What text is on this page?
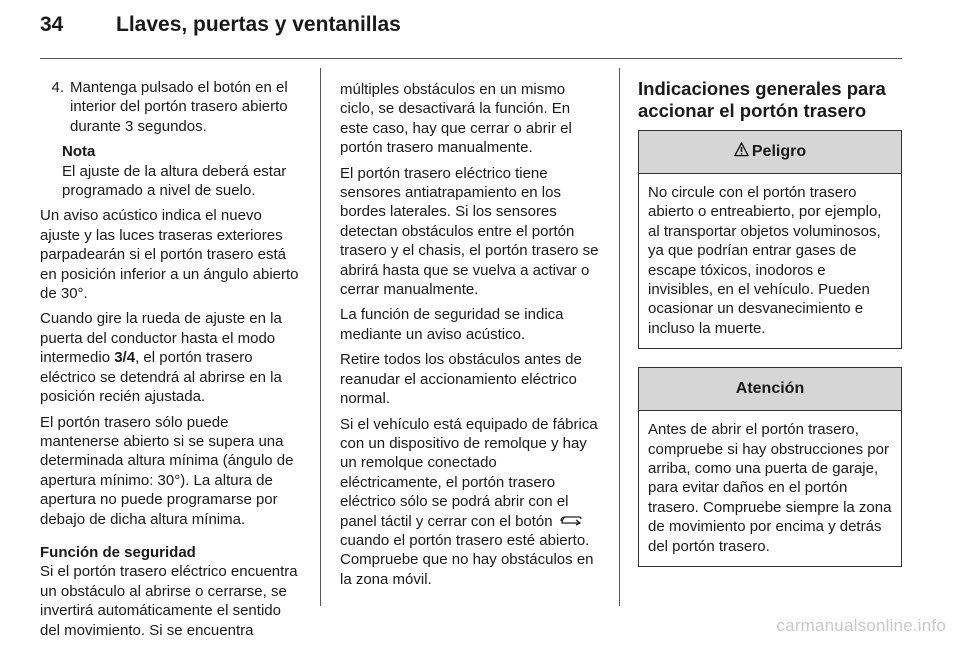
34	Llaves, puertas y ventanillas
4. Mantenga pulsado el botón en el interior del portón trasero abierto durante 3 segundos.
Nota
El ajuste de la altura deberá estar programado a nivel de suelo.

Un aviso acústico indica el nuevo ajuste y las luces traseras exteriores parpadearán si el portón trasero está en posición inferior a un ángulo abierto de 30°.

Cuando gire la rueda de ajuste en la puerta del conductor hasta el modo intermedio 3/4, el portón trasero eléctrico se detendrá al abrirse en la posición recién ajustada.

El portón trasero sólo puede mantenerse abierto si se supera una determinada altura mínima (ángulo de apertura mínimo: 30°). La altura de apertura no puede programarse por debajo de dicha altura mínima.

Función de seguridad

Si el portón trasero eléctrico encuentra un obstáculo al abrirse o cerrarse, se invertirá automáticamente el sentido del movimiento. Si se encuentra

múltiples obstáculos en un mismo ciclo, se desactivará la función. En este caso, hay que cerrar o abrir el portón trasero manualmente.

El portón trasero eléctrico tiene sensores antiatrapamiento en los bordes laterales. Si los sensores detectan obstáculos entre el portón trasero y el chasis, el portón trasero se abrirá hasta que se vuelva a activar o cerrar manualmente.

La función de seguridad se indica mediante un aviso acústico.

Retire todos los obstáculos antes de reanudar el accionamiento eléctrico normal.

Si el vehículo está equipado de fábrica con un dispositivo de remolque y hay un remolque conectado eléctricamente, el portón trasero eléctrico sólo se podrá abrir con el panel táctil y cerrar con el botón  cuando el portón trasero esté abierto. Compruebe que no hay obstáculos en la zona móvil.

Indicaciones generales para accionar el portón trasero
Peligro
No circule con el portón trasero abierto o entreabierto, por ejemplo, al transportar objetos voluminosos, ya que podrían entrar gases de escape tóxicos, inodoros e invisibles, en el vehículo. Pueden ocasionar un desvanecimiento e incluso la muerte.
Atención
Antes de abrir el portón trasero, compruebe si hay obstrucciones por arriba, como una puerta de garaje, para evitar daños en el portón trasero. Compruebe siempre la zona de movimiento por encima y detrás del portón trasero.
carmanualsonline.info
